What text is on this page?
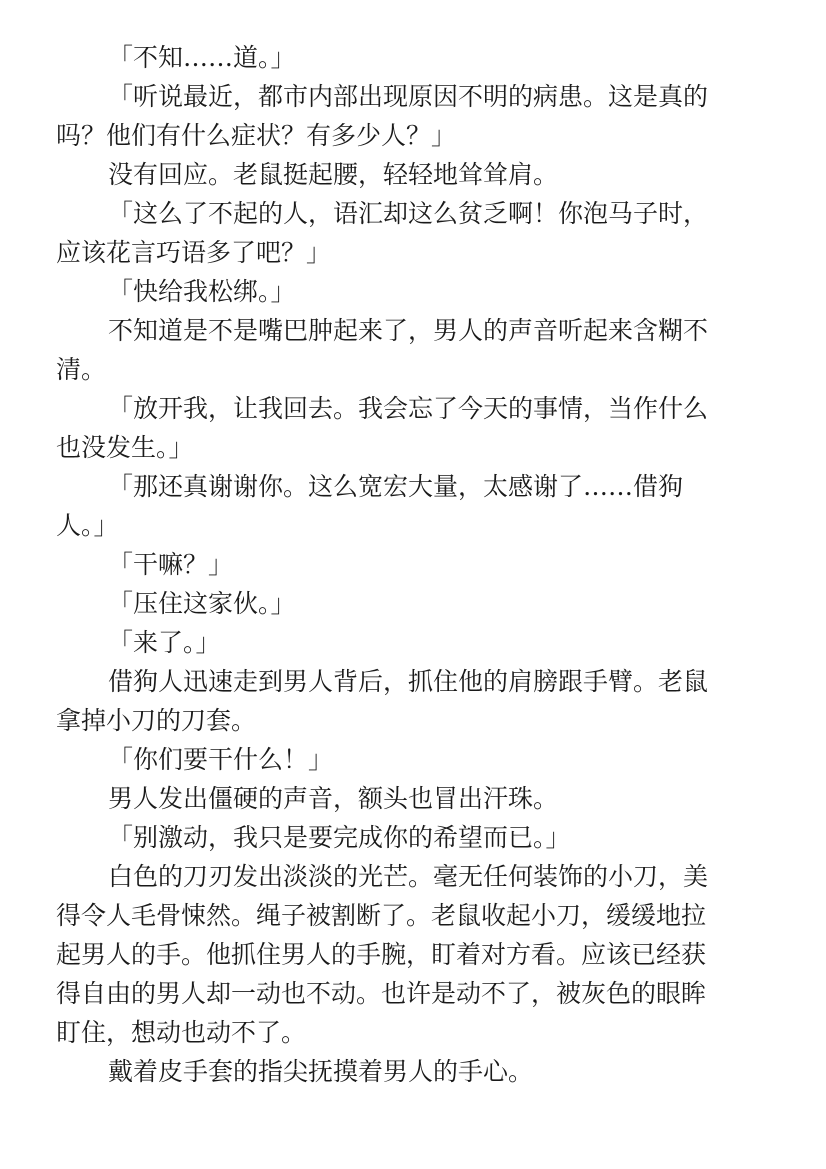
「不知……道。」

「听说最近，都市内部出现原因不明的病患。这是真的
吗？他们有什么症状？有多少人？」

没有回应。老鼠挺起腰，轻轻地耸耸肩。

「这么了不起的人，语汇却这么贫乏啊！你泡马子时，
应该花言巧语多了吧？」

「快给我松绑。」

不知道是不是嘴巴肿起来了，男人的声音听起来含糊不
清。

「放开我，让我回去。我会忘了今天的事情，当作什么
也没发生。」

「那还真谢谢你。这么宽宏大量，太感谢了……借狗
人。」

「干嘛？」

「压住这家伙。」

「来了。」

借狗人迅速走到男人背后，抓住他的肩膀跟手臂。老鼠
拿掉小刀的刀套。

「你们要干什么！」

男人发出僵硬的声音，额头也冒出汗珠。

「别激动，我只是要完成你的希望而已。」

白色的刀刃发出淡淡的光芒。毫无任何装饰的小刀，美
得令人毛骨悚然。绳子被割断了。老鼠收起小刀，缓缓地拉
起男人的手。他抓住男人的手腕，盯着对方看。应该已经获
得自由的男人却一动也不动。也许是动不了，被灰色的眼眸
盯住，想动也动不了。

戴着皮手套的指尖抚摸着男人的手心。
